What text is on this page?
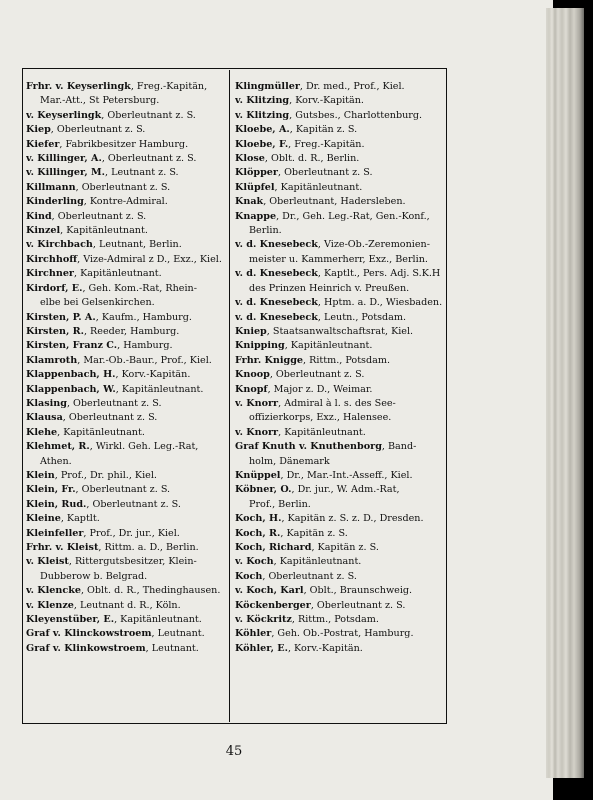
Frhr. v. Keyserlingk, Freg.-Kapitän,
Mar.-Att., St Petersburg.
v. Keyserlingk, Oberleutnant z. S.
Kiep, Oberleutnant z. S.
Kiefer, Fabrikbesitzer Hamburg.
v. Killinger, A., Oberleutnant z. S.
v. Killinger, M., Leutnant z. S.
Killmann, Oberleutnant z. S.
Kinderling, Kontre-Admiral.
Kind, Oberleutnant z. S.
Kinzel, Kapitänleutnant.
v. Kirchbach, Leutnant, Berlin.
Kirchhoff, Vize-Admiral z D., Exz., Kiel.
Kirchner, Kapitänleutnant.
Kirdorf, E., Geh. Kom.-Rat, Rhein-
elbe bei Gelsenkirchen.
Kirsten, P. A., Kaufm., Hamburg.
Kirsten, R., Reeder, Hamburg.
Kirsten, Franz C., Hamburg.
Klamroth, Mar.-Ob.-Baur., Prof., Kiel.
Klappenbach, H., Korv.-Kapitän.
Klappenbach, W., Kapitänleutnant.
Klasing, Oberleutnant z. S.
Klausa, Oberleutnant z. S.
Klehe, Kapitänleutnant.
Klehmet, R., Wirkl. Geh. Leg.-Rat,
Athen.
Klein, Prof., Dr. phil., Kiel.
Klein, Fr., Oberleutnant z. S.
Klein, Rud., Oberleutnant z. S.
Kleine, Kaptlt.
Kleinfeller, Prof., Dr. jur., Kiel.
Frhr. v. Kleist, Rittm. a. D., Berlin.
v. Kleist, Rittergutsbesitzer, Klein-
Dubberow b. Belgrad.
v. Klencke, Oblt. d. R., Thedinghausen.
v. Klenze, Leutnant d. R., Köln.
Kleyenstüber, E., Kapitänleutnant.
Graf v. Klinckowstroem, Leutnant.
Graf v. Klinkowstroem, Leutnant.
Klingmüller, Dr. med., Prof., Kiel.
v. Klitzing, Korv.-Kapitän.
v. Klitzing, Gutsbes., Charlottenburg.
Kloebe, A., Kapitän z. S.
Kloebe, F., Freg.-Kapitän.
Klose, Oblt. d. R., Berlin.
Klöpper, Oberleutnant z. S.
Klüpfel, Kapitänleutnant.
Knak, Oberleutnant, Hadersleben.
Knappe, Dr., Geh. Leg.-Rat, Gen.-Konf.,
Berlin.
v. d. Knesebeck, Vize-Ob.-Zeremonien-
meister u. Kammerherr, Exz., Berlin.
v. d. Knesebeck, Kaptlt., Pers. Adj. S.K.H
des Prinzen Heinrich v. Preußen.
v. d. Knesebeck, Hptm. a. D., Wiesbaden.
v. d. Knesebeck, Leutn., Potsdam.
Kniep, Staatsanwaltschaftsrat, Kiel.
Knipping, Kapitänleutnant.
Frhr. Knigge, Rittm., Potsdam.
Knoop, Oberleutnant z. S.
Knopf, Major z. D., Weimar.
v. Knorr, Admiral à l. s. des See-
offizierkorps, Exz., Halensee.
v. Knorr, Kapitänleutnant.
Graf Knuth v. Knuthenborg, Band-
holm, Dänemark
Knüppel, Dr., Mar.-Int.-Asseff., Kiel.
Köbner, O., Dr. jur., W. Adm.-Rat,
Prof., Berlin.
Koch, H., Kapitän z. S. z. D., Dresden.
Koch, R., Kapitän z. S.
Koch, Richard, Kapitän z. S.
v. Koch, Kapitänleutnant.
Koch, Oberleutnant z. S.
v. Koch, Karl, Oblt., Braunschweig.
Köckenberger, Oberleutnant z. S.
v. Köckritz, Rittm., Potsdam.
Köhler, Geh. Ob.-Postrat, Hamburg.
Köhler, E., Korv.-Kapitän.
45
